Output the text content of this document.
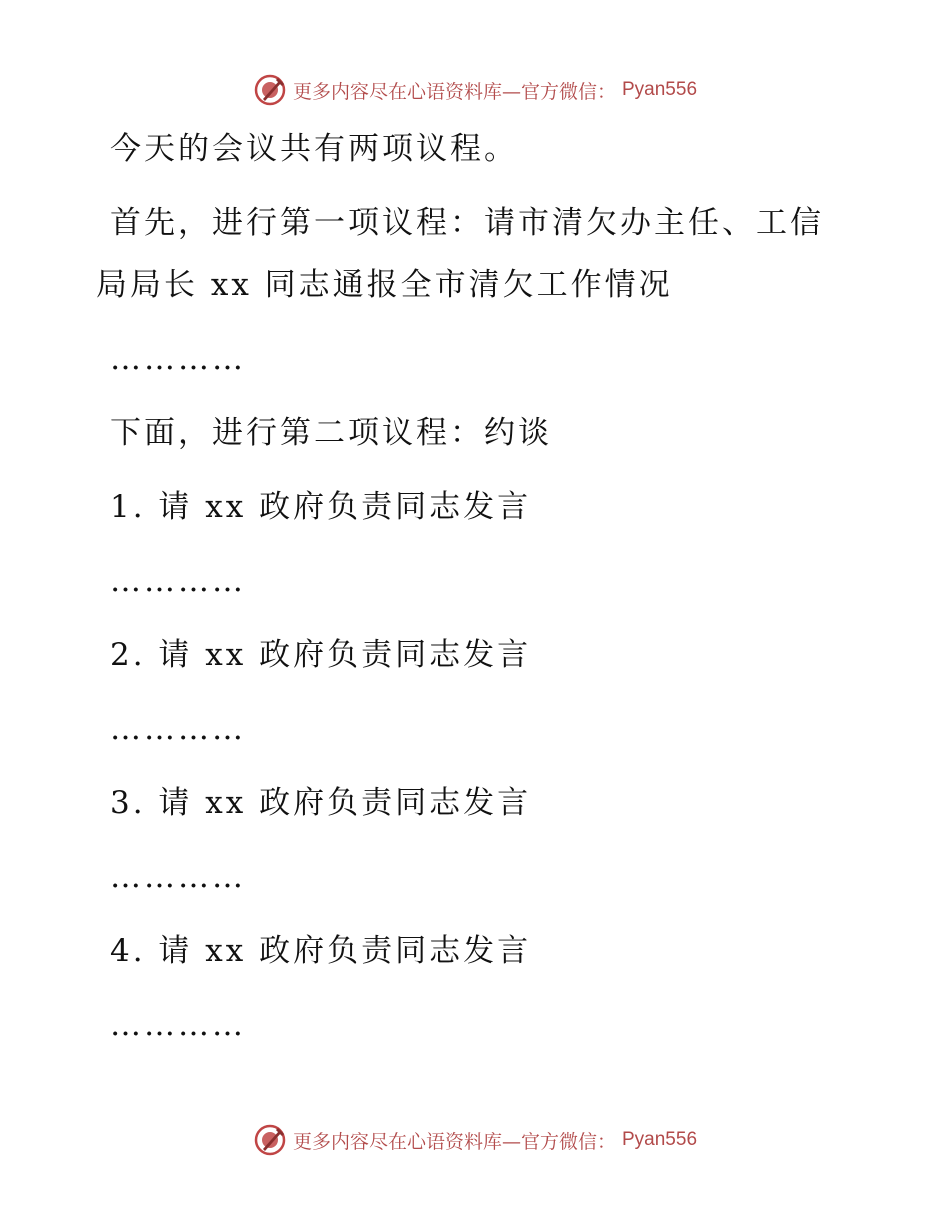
更多内容尽在心语资料库—官方微信： Pyan556

今天的会议共有两项议程。

首先，进行第一项议程：请市清欠办主任、工信

局局长 xx 同志通报全市清欠工作情况

…………

下面，进行第二项议程：约谈

1. 请 xx 政府负责同志发言

…………

2. 请 xx 政府负责同志发言

…………

3. 请 xx 政府负责同志发言

…………

4. 请 xx 政府负责同志发言

…………

更多内容尽在心语资料库—官方微信： Pyan556
